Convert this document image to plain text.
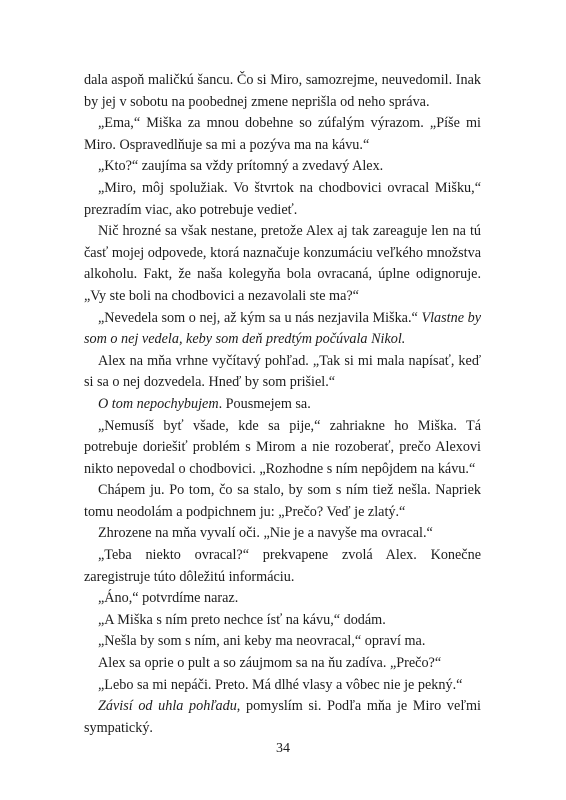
dala aspoň maličkú šancu. Čo si Miro, samozrejme, neuvedomil. Inak by jej v sobotu na poobednej zmene neprišla od neho správa.

„Ema,“ Miška za mnou dobehne so zúfalým výrazom. „Píše mi Miro. Ospravedlňuje sa mi a pozýva ma na kávu.“

„Kto?“ zaujíma sa vždy prítomný a zvedavý Alex.

„Miro, môj spolužiak. Vo štvrtok na chodbovici ovracal Mišku,“ prezradím viac, ako potrebuje vedieť.

Nič hrozné sa však nestane, pretože Alex aj tak zareaguje len na tú časť mojej odpovede, ktorá naznačuje konzumáciu veľkého množstva alkoholu. Fakt, že naša kolegyňa bola ovracaná, úplne odignoruje. „Vy ste boli na chodbovici a nezavolali ste ma?“

„Nevedela som o nej, až kým sa u nás nezjavila Miška.“ Vlastne by som o nej vedela, keby som deň predtým počúvala Nikol.

Alex na mňa vrhne vyčítavý pohľad. „Tak si mi mala napísať, keď si sa o nej dozvedela. Hneď by som prišiel.“

O tom nepochybujem. Pousmejem sa.

„Nemusíš byť všade, kde sa pije,“ zahriakne ho Miška. Tá potrebuje doriešiť problém s Mirom a nie rozoberať, prečo Alexovi nikto nepovedal o chodbovici. „Rozhodne s ním nepôjdem na kávu.“

Chápem ju. Po tom, čo sa stalo, by som s ním tiež nešla. Napriek tomu neodolám a podpichnem ju: „Prečo? Veď je zlatý.“

Zhrozene na mňa vyvalí oči. „Nie je a navyše ma ovracal.“

„Teba niekto ovracal?“ prekvapene zvolá Alex. Konečne zaregistruje túto dôležitú informáciu.

„Áno,“ potvrdíme naraz.

„A Miška s ním preto nechce ísť na kávu,“ dodám.

„Nešla by som s ním, ani keby ma neovracal,“ opraví ma.

Alex sa oprie o pult a so záujmom sa na ňu zadíva. „Prečo?“

„Lebo sa mi nepáči. Preto. Má dlhé vlasy a vôbec nie je pekný.“

Závisí od uhla pohľadu, pomyslím si. Podľa mňa je Miro veľmi sympatický.

34
